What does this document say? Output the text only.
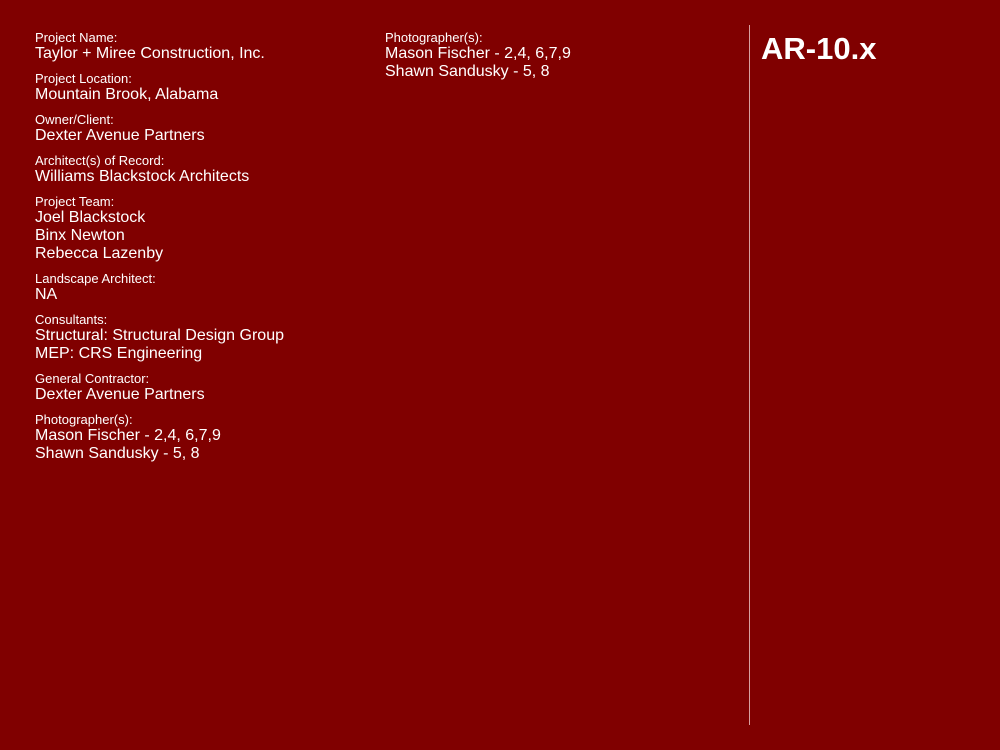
Project Name:
Taylor + Miree Construction, Inc.
Project Location:
Mountain Brook, Alabama
Owner/Client:
Dexter Avenue Partners
Architect(s) of Record:
Williams Blackstock Architects
Project Team:
Joel Blackstock
Binx Newton
Rebecca Lazenby
Landscape Architect:
NA
Consultants:
Structural: Structural Design Group
MEP: CRS Engineering
General Contractor:
Dexter Avenue Partners
Photographer(s):
Mason Fischer - 2,4, 6,7,9
Shawn Sandusky - 5, 8
Photographer(s):
Mason Fischer - 2,4, 6,7,9
Shawn Sandusky - 5, 8
AR-10.x
